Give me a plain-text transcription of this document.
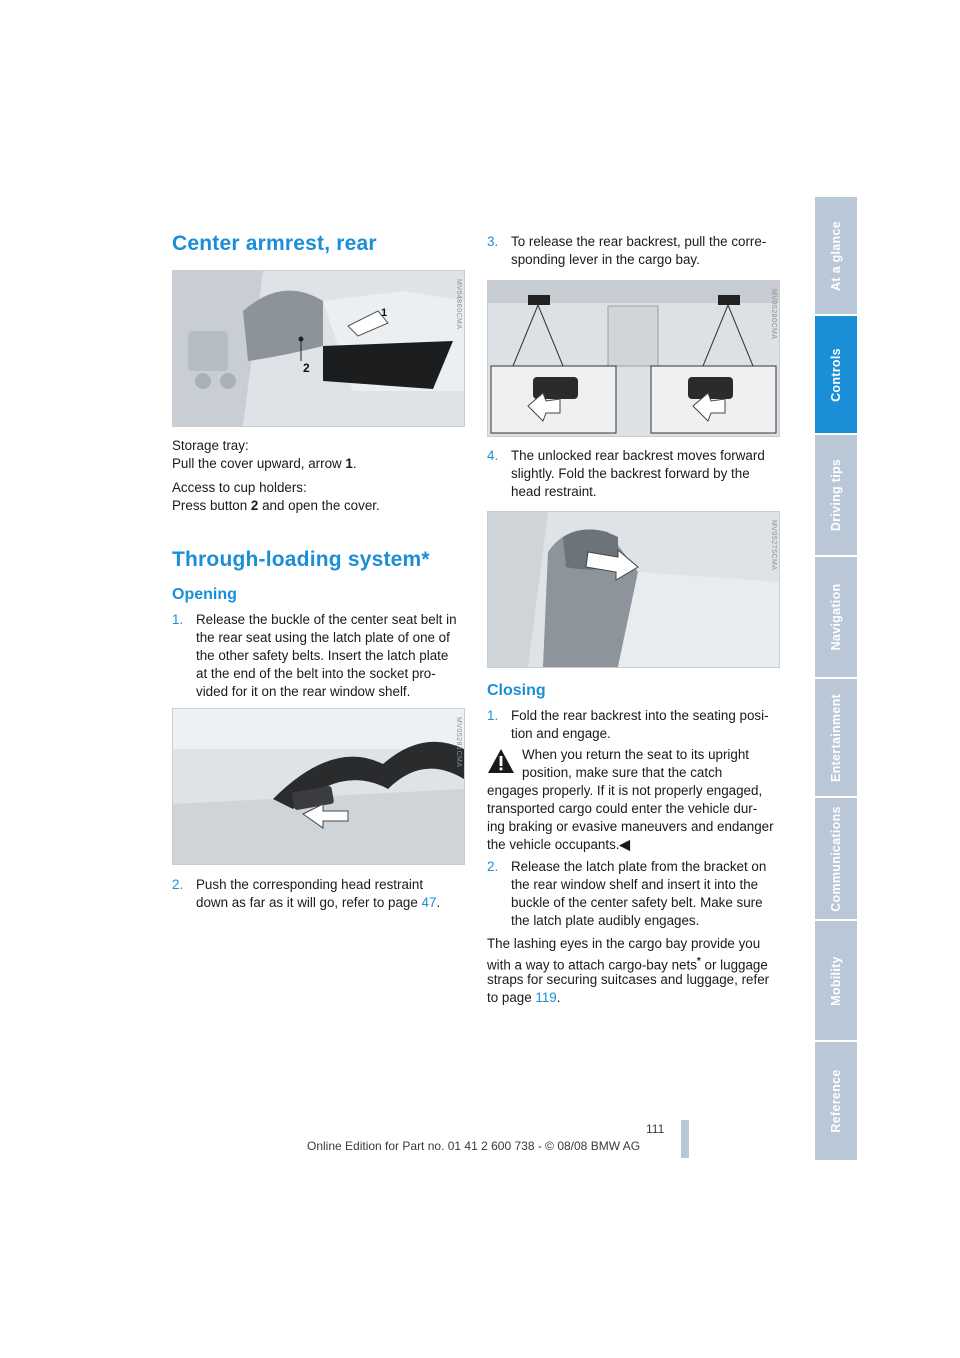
Center armrest, rear
2
1	MV04860CMA

Storage tray:

Pull the cover upward, arrow 1.

Access to cup holders:

Press button 2 and open the cover.

Through-loading system*
Opening

1. Release the buckle of the center seat belt in

the rear seat using the latch plate of one of

the other safety belts. Insert the latch plate

at the end of the belt into the socket pro-

vided for it on the rear window shelf.

MV05281CMA

2. Push the corresponding head restraint

down as far as it will go, refer to page 47.

3. To release the rear backrest, pull the corre-

sponding lever in the cargo bay.

MV05280CMA

4. The unlocked rear backrest moves forward

slightly. Fold the backrest forward by the

head restraint.

MV05275CMA
Closing

1. Fold the rear backrest into the seating posi-

tion and engage.

When you return the seat to its upright

position, make sure that the catch

engages properly. If it is not properly engaged,

transported cargo could enter the vehicle dur-

ing braking or evasive maneuvers and endanger

the vehicle occupants.◀

2. Release the latch plate from the bracket on

the rear window shelf and insert it into the

buckle of the center safety belt. Make sure

the latch plate audibly engages.

The lashing eyes in the cargo bay provide you

with a way to attach cargo-bay nets* or luggage

straps for securing suitcases and luggage, refer

to page 119.

At a glance
Controls
Driving tips
Navigation
Entertainment
Communications
Mobility
Reference
111
Online Edition for Part no. 01 41 2 600 738 - © 08/08 BMW AG
